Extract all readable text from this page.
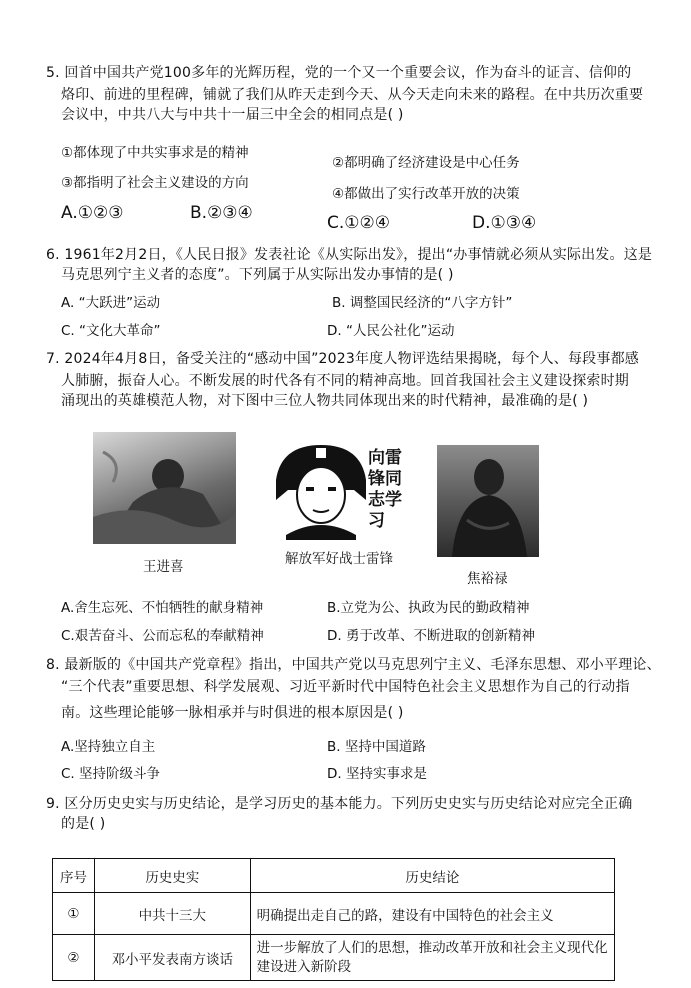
5. 回首中国共产党100多年的光辉历程，党的一个又一个重要会议，作为奋斗的证言、信仰的
烙印、前进的里程碑，铺就了我们从昨天走到今天、从今天走向未来的路程。在中共历次重要
会议中，中共八大与中共十一届三中全会的相同点是( )
①都体现了中共实事求是的精神
②都明确了经济建设是中心任务
③都指明了社会主义建设的方向
④都做出了实行改革开放的决策
A.①②③	B.②③④	C.①②④	D.①③④
6. 1961年2月2日，《人民日报》发表社论《从实际出发》，提出“办事情就必须从实际出发。这是
马克思列宁主义者的态度”。下列属于从实际出发办事情的是( )
A. “大跃进”运动	B. 调整国民经济的“八字方针”
C. “文化大革命”	D. “人民公社化”运动
7. 2024年4月8日，备受关注的“感动中国”2023年度人物评选结果揭晓，每个人、每段事都感
人肺腑，振奋人心。不断发展的时代各有不同的精神高地。回首我国社会主义建设探索时期
涌现出的英雄模范人物，对下图中三位人物共同体现出来的时代精神，最准确的是( )
向雷锋同志学习
王进喜	解放军好战士雷锋
焦裕禄
A.舍生忘死、不怕牺牲的献身精神	B.立党为公、执政为民的勤政精神
C.艰苦奋斗、公而忘私的奉献精神	D. 勇于改革、不断进取的创新精神
8. 最新版的《中国共产党章程》指出，中国共产党以马克思列宁主义、毛泽东思想、邓小平理论、
“三个代表”重要思想、科学发展观、习近平新时代中国特色社会主义思想作为自己的行动指
南。这些理论能够一脉相承并与时俱进的根本原因是( )
A.坚持独立自主	B. 坚持中国道路
C. 坚持阶级斗争	D. 坚持实事求是
9. 区分历史史实与历史结论，是学习历史的基本能力。下列历史史实与历史结论对应完全正确
的是( )
序号	历史史实	历史结论
①	中共十三大	明确提出走自己的路，建设有中国特色的社会主义
②	邓小平发表南方谈话	进一步解放了人们的思想，推动改革开放和社会主义现代化
建设进入新阶段
